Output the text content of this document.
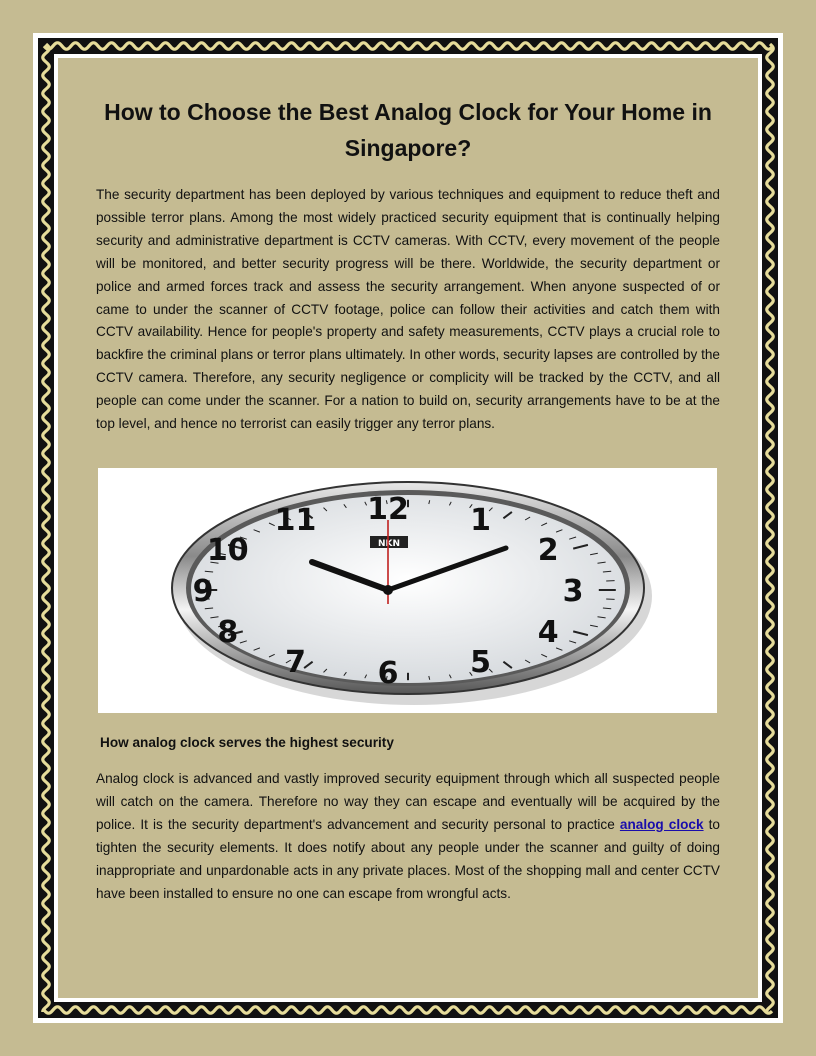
How to Choose the Best Analog Clock for Your Home in Singapore?

The security department has been deployed by various techniques and equipment to reduce theft and possible terror plans. Among the most widely practiced security equipment that is continually helping security and administrative department is CCTV cameras. With CCTV, every movement of the people will be monitored, and better security progress will be there. Worldwide, the security department or police and armed forces track and assess the security arrangement. When anyone suspected of or came to under the scanner of CCTV footage, police can follow their activities and catch them with CCTV availability. Hence for people's property and safety measurements, CCTV plays a crucial role to backfire the criminal plans or terror plans ultimately. In other words, security lapses are controlled by the CCTV camera. Therefore, any security negligence or complicity will be tracked by the CCTV, and all people can come under the scanner. For a nation to build on, security arrangements have to be at the top level, and hence no terrorist can easily trigger any terror plans.

12 1
2
3
4
5
6
7
8
9
10
11
NKN
How analog clock serves the highest security

Analog clock is advanced and vastly improved security equipment through which all suspected people will catch on the camera. Therefore no way they can escape and eventually will be acquired by the police. It is the security department's advancement and security personal to practice analog clock to tighten the security elements. It does notify about any people under the scanner and guilty of doing inappropriate and unpardonable acts in any private places. Most of the shopping mall and center CCTV have been installed to ensure no one can escape from wrongful acts.
